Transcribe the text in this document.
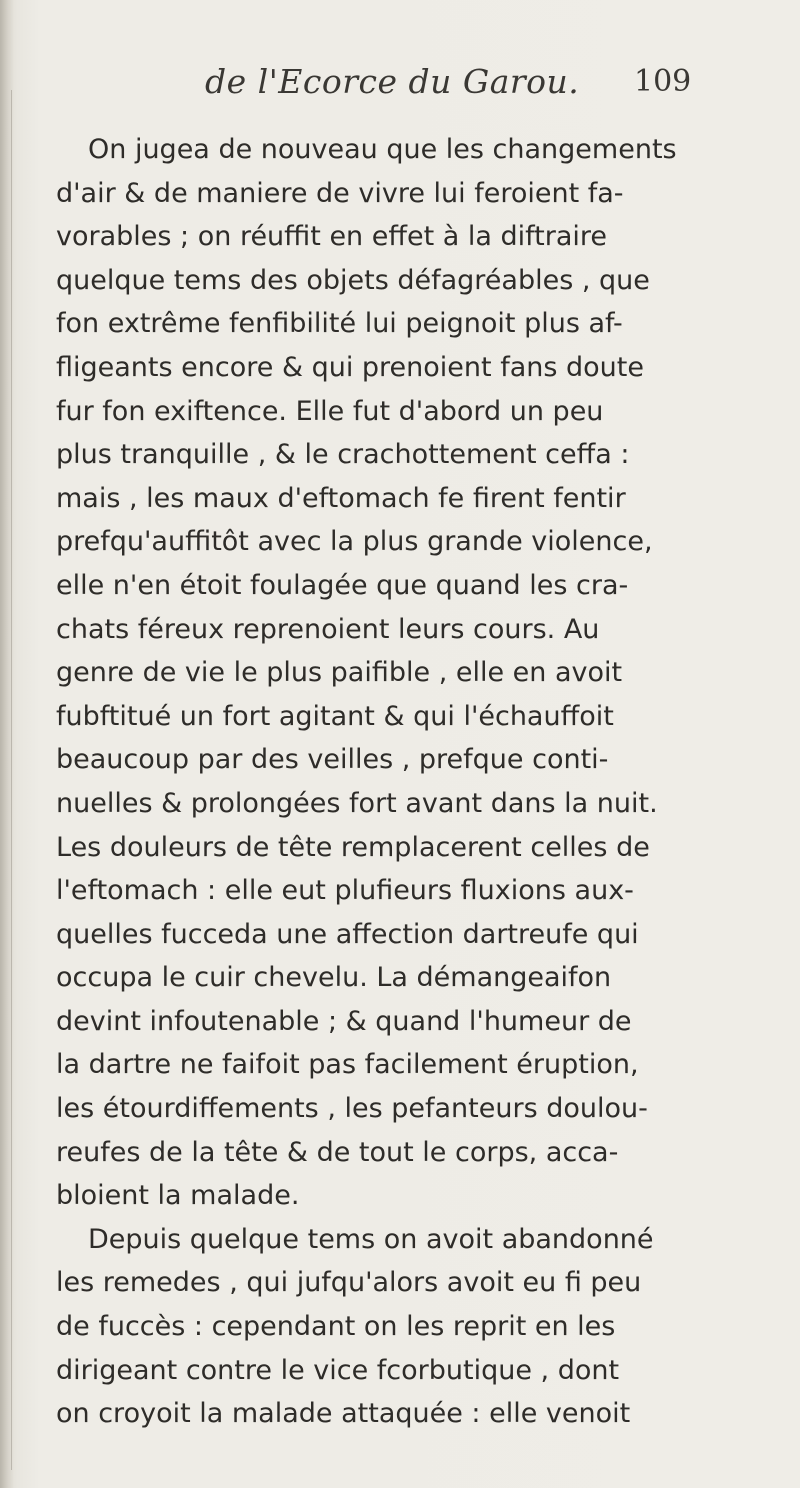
de l'Ecorce du Garou.	109
On jugea de nouveau que les changements
d'air & de maniere de vivre lui feroient fa-
vorables ; on réuffit en effet à la diftraire
quelque tems des objets défagréables , que
fon extrême fenfibilité lui peignoit plus af-
fligeants encore & qui prenoient fans doute
fur fon exiftence. Elle fut d'abord un peu
plus tranquille , & le crachottement ceffa :
mais , les maux d'eftomach fe firent fentir
prefqu'auffitôt avec la plus grande violence,
elle n'en étoit foulagée que quand les cra-
chats féreux reprenoient leurs cours. Au
genre de vie le plus paifible , elle en avoit
fubftitué un fort agitant & qui l'échauffoit
beaucoup par des veilles , prefque conti-
nuelles & prolongées fort avant dans la nuit.
Les douleurs de tête remplacerent celles de
l'eftomach : elle eut plufieurs fluxions aux-
quelles fucceda une affection dartreufe qui
occupa le cuir chevelu. La démangeaifon
devint infoutenable ; & quand l'humeur de
la dartre ne faifoit pas facilement éruption,
les étourdiffements , les pefanteurs doulou-
reufes de la tête & de tout le corps, acca-
bloient la malade.
Depuis quelque tems on avoit abandonné
les remedes , qui jufqu'alors avoit eu fi peu
de fuccès : cependant on les reprit en les
dirigeant contre le vice fcorbutique , dont
on croyoit la malade attaquée : elle venoit
